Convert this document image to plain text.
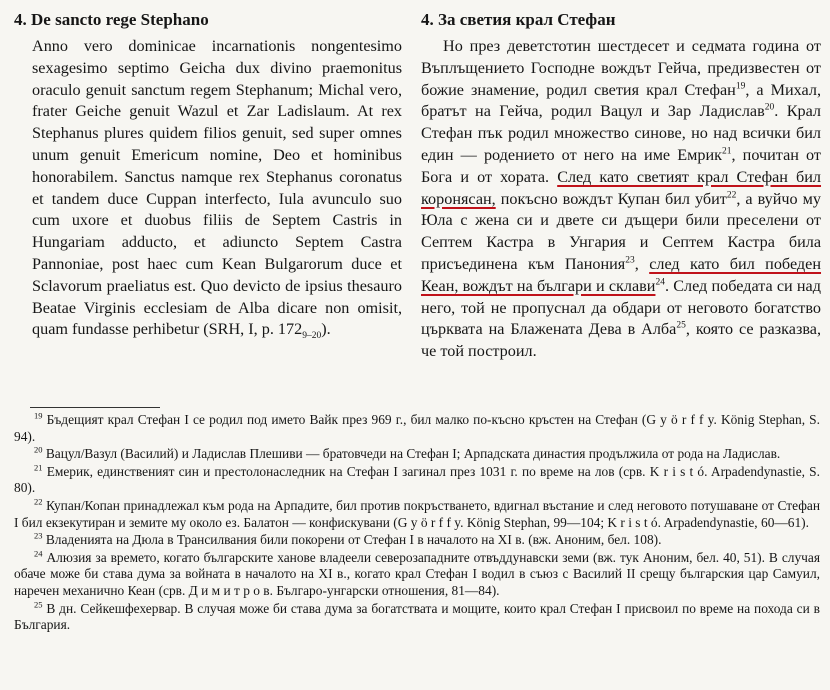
4. De sancto rege Stephano

Anno vero dominicae incarnationis nongentesimo sexagesimo septimo Geicha dux divino praemonitus oraculo genuit sanctum regem Stephanum; Michal vero, frater Geiche genuit Wazul et Zar Ladislaum. At rex Stephanus plures quidem filios genuit, sed super omnes unum genuit Emericum nomine, Deo et hominibus honorabilem. Sanctus namque rex Stephanus coronatus et tandem duce Cuppan interfecto, Iula avunculo suo cum uxore et duobus filiis de Septem Castris in Hungariam adducto, et adiuncto Septem Castra Pannoniae, post haec cum Kean Bulgarorum duce et Sclavorum praeliatus est. Quo devicto de ipsius thesauro Beatae Virginis ecclesiam de Alba dicare non omisit, quam fundasse perhibetur (SRH, I, p. $172_{9-20}$).

4. За светия крал Стефан

Но през деветстотин шестдесет и седмата година от Въплъщението Господне вождът Гейча, предизвестен от божие знамение, родил светия крал Стефан$^{19}$, а Михал, братът на Гейча, родил Вацул и Зар Ладислав$^{20}$. Крал Стефан пък родил множество синове, но над всички бил един — родението от него на име Емрик$^{21}$, почитан от Бога и от хората. След като светият крал Стефан бил коронясан, покъсно вождът Купан бил убит$^{22}$, а вуйчо му Юла с жена си и двете си дъщери били преселени от Септем Кастра в Унгария и Септем Кастра била присъединена към Панония$^{23}$, след като бил победен Кеан, вождът на българи и склави$^{24}$. След победата си над него, той не пропуснал да обдари от неговото богатство църквата на Блажената Дева в Алба$^{25}$, която се разказва, че той построил.

$^{19}$ Бъдещият крал Стефан I се родил под името Вайк през 969 г., бил малко по-късно кръстен на Стефан (G y ö r f f y. König Stephan, S. 94).

$^{20}$ Вацул/Вазул (Василий) и Ладислав Плешиви — братовчеди на Стефан I; Арпадската династия продължила от рода на Ладислав.

$^{21}$ Емерик, единственият син и престолонаследник на Стефан I загинал през 1031 г. по време на лов (срв. K r i s t ó. Arpadendynastie, S. 80).

$^{22}$ Купан/Копан принадлежал към рода на Арпадите, бил против покръстването, вдигнал въстание и след неговото потушаване от Стефан I бил екзекутиран и земите му около ез. Балатон — конфискувани (G y ö r f f y. König Stephan, 99—104; K r i s t ó. Arpadendynastie, 60—61).

$^{23}$ Владенията на Дюла в Трансилвания били покорени от Стефан I в началото на XI в. (вж. Аноним, бел. 108).

$^{24}$ Алюзия за времето, когато българските ханове владеели северозападните отвъддунавски земи (вж. тук Аноним, бел. 40, 51). В случая обаче може би става дума за войната в началото на XI в., когато крал Стефан I водил в съюз с Василий II срещу българския цар Самуил, наречен механично Кеан (срв. Д и м и т р о в. Българо-унгарски отношения, 81—84).

$^{25}$ В дн. Сейкешфехервар. В случая може би става дума за богатствата и мощите, които крал Стефан I присвоил по време на похода си в България.
